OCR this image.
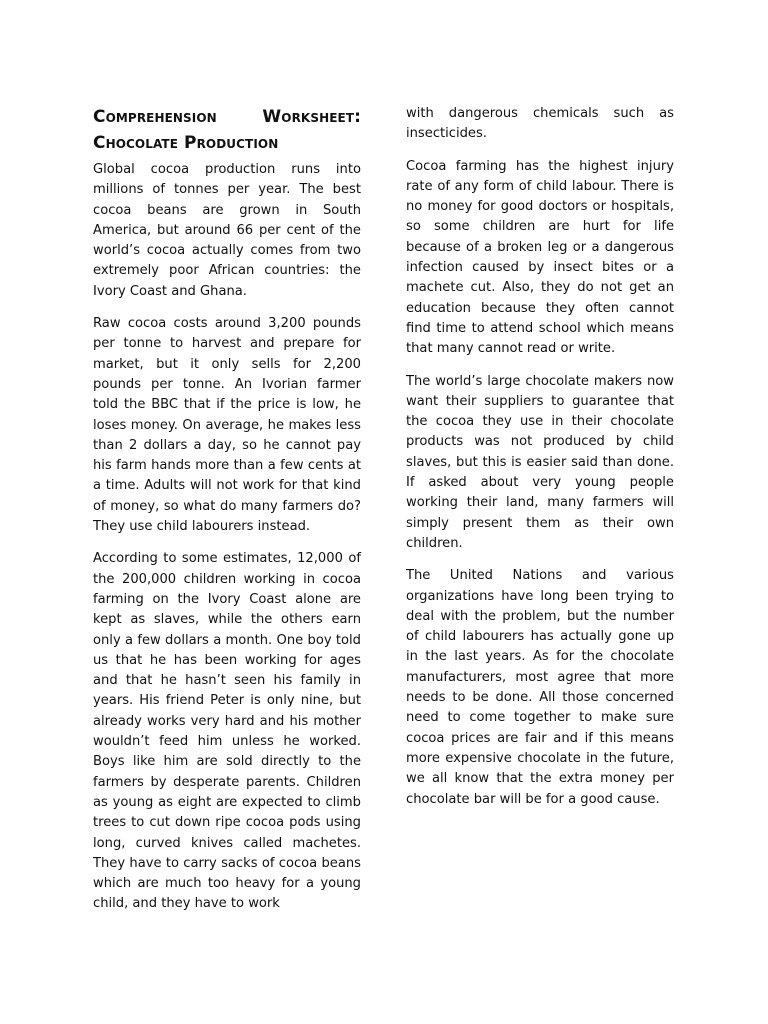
Comprehension Worksheet: Chocolate Production

Global cocoa production runs into millions of tonnes per year. The best cocoa beans are grown in South America, but around 66 per cent of the world’s cocoa actually comes from two extremely poor African countries: the Ivory Coast and Ghana.

Raw cocoa costs around 3,200 pounds per tonne to harvest and prepare for market, but it only sells for 2,200 pounds per tonne. An Ivorian farmer told the BBC that if the price is low, he loses money. On average, he makes less than 2 dollars a day, so he cannot pay his farm hands more than a few cents at a time. Adults will not work for that kind of money, so what do many farmers do? They use child labourers instead.

According to some estimates, 12,000 of the 200,000 children working in cocoa farming on the Ivory Coast alone are kept as slaves, while the others earn only a few dollars a month. One boy told us that he has been working for ages and that he hasn’t seen his family in years. His friend Peter is only nine, but already works very hard and his mother wouldn’t feed him unless he worked. Boys like him are sold directly to the farmers by desperate parents. Children as young as eight are expected to climb trees to cut down ripe cocoa pods using long, curved knives called machetes. They have to carry sacks of cocoa beans which are much too heavy for a young child, and they have to work

with dangerous chemicals such as insecticides.

Cocoa farming has the highest injury rate of any form of child labour. There is no money for good doctors or hospitals, so some children are hurt for life because of a broken leg or a dangerous infection caused by insect bites or a machete cut. Also, they do not get an education because they often cannot find time to attend school which means that many cannot read or write.

The world’s large chocolate makers now want their suppliers to guarantee that the cocoa they use in their chocolate products was not produced by child slaves, but this is easier said than done. If asked about very young people working their land, many farmers will simply present them as their own children.

The United Nations and various organizations have long been trying to deal with the problem, but the number of child labourers has actually gone up in the last years. As for the chocolate manufacturers, most agree that more needs to be done. All those concerned need to come together to make sure cocoa prices are fair and if this means more expensive chocolate in the future, we all know that the extra money per chocolate bar will be for a good cause.
